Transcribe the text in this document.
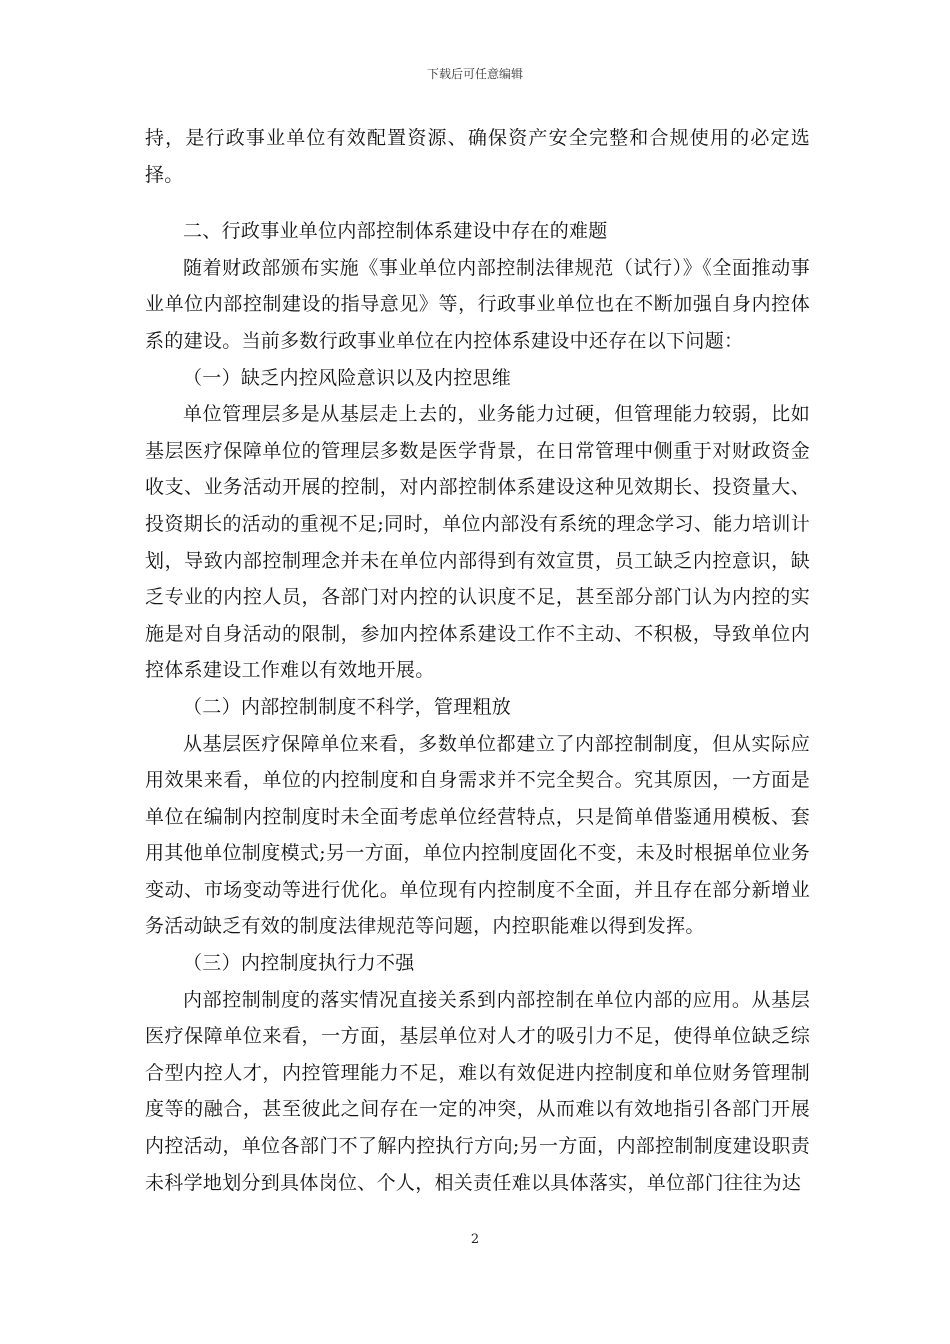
下载后可任意编辑

持，是行政事业单位有效配置资源、确保资产安全完整和合规使用的必定选择。

二、行政事业单位内部控制体系建设中存在的难题

随着财政部颁布实施《事业单位内部控制法律规范（试行）》《全面推动事业单位内部控制建设的指导意见》等，行政事业单位也在不断加强自身内控体系的建设。当前多数行政事业单位在内控体系建设中还存在以下问题：

（一）缺乏内控风险意识以及内控思维

单位管理层多是从基层走上去的，业务能力过硬，但管理能力较弱，比如基层医疗保障单位的管理层多数是医学背景，在日常管理中侧重于对财政资金收支、业务活动开展的控制，对内部控制体系建设这种见效期长、投资量大、投资期长的活动的重视不足;同时，单位内部没有系统的理念学习、能力培训计划，导致内部控制理念并未在单位内部得到有效宣贯，员工缺乏内控意识，缺乏专业的内控人员，各部门对内控的认识度不足，甚至部分部门认为内控的实施是对自身活动的限制，参加内控体系建设工作不主动、不积极，导致单位内控体系建设工作难以有效地开展。

（二）内部控制制度不科学，管理粗放

从基层医疗保障单位来看，多数单位都建立了内部控制制度，但从实际应用效果来看，单位的内控制度和自身需求并不完全契合。究其原因，一方面是单位在编制内控制度时未全面考虑单位经营特点，只是简单借鉴通用模板、套用其他单位制度模式;另一方面，单位内控制度固化不变，未及时根据单位业务变动、市场变动等进行优化。单位现有内控制度不全面，并且存在部分新增业务活动缺乏有效的制度法律规范等问题，内控职能难以得到发挥。

（三）内控制度执行力不强

内部控制制度的落实情况直接关系到内部控制在单位内部的应用。从基层医疗保障单位来看，一方面，基层单位对人才的吸引力不足，使得单位缺乏综合型内控人才，内控管理能力不足，难以有效促进内控制度和单位财务管理制度等的融合，甚至彼此之间存在一定的冲突，从而难以有效地指引各部门开展内控活动，单位各部门不了解内控执行方向;另一方面，内部控制制度建设职责未科学地划分到具体岗位、个人，相关责任难以具体落实，单位部门往往为达

2
